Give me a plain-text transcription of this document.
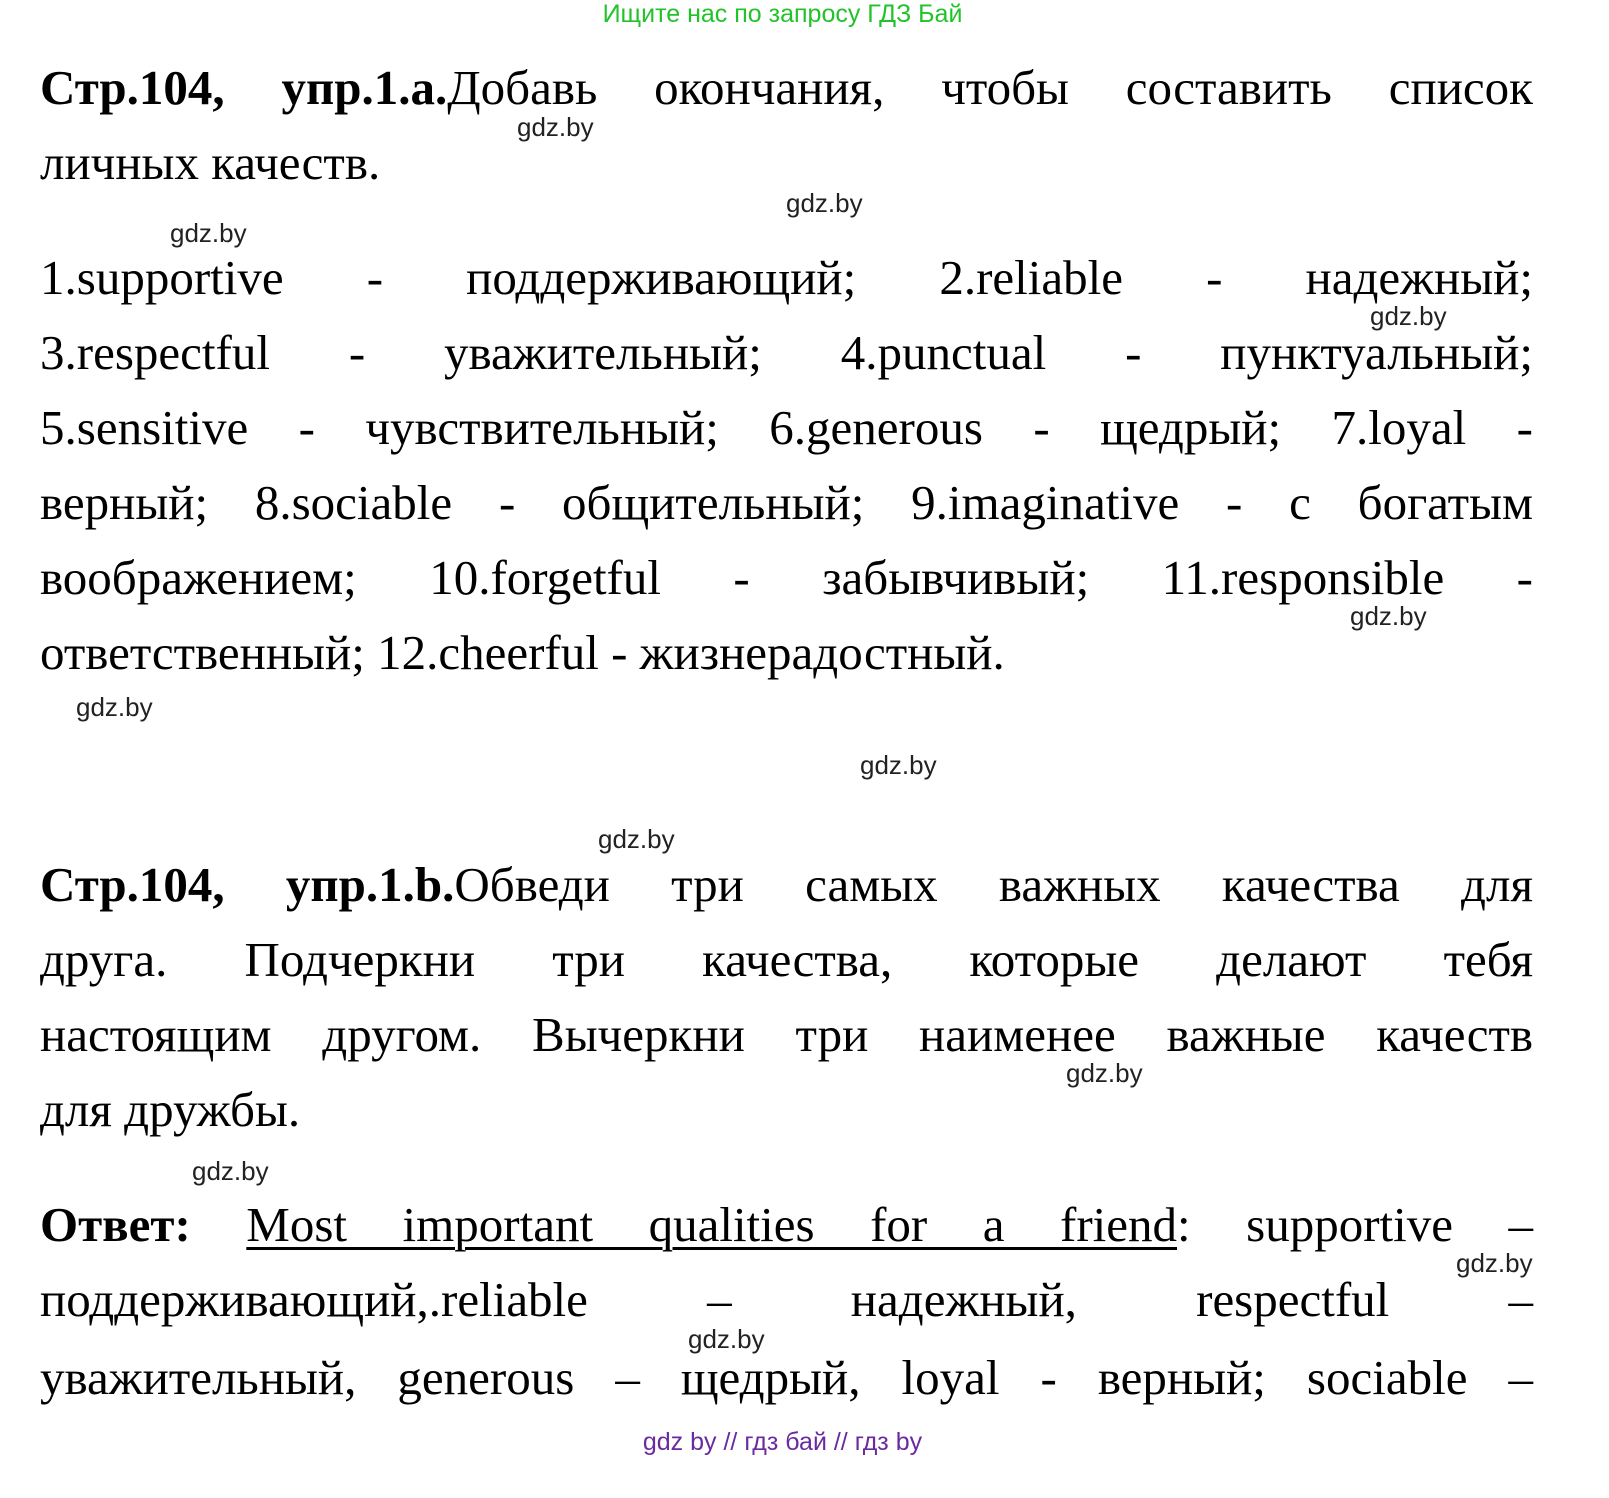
Ищите нас по запросу ГДЗ Бай
Стр.104, упр.1.a.Добавь окончания, чтобы составить список
личных качеств.
1.supportive - поддерживающий; 2.reliable - надежный;
3.respectful - уважительный; 4.punctual - пунктуальный;
5.sensitive - чувствительный; 6.generous - щедрый; 7.loyal -
верный; 8.sociable - общительный; 9.imaginative - с богатым
воображением; 10.forgetful - забывчивый; 11.responsible -
ответственный; 12.cheerful - жизнерадостный.
Стр.104, упр.1.b.Обведи три самых важных качества для
друга. Подчеркни три качества, которые делают тебя
настоящим другом. Вычеркни три наименее важные качеств
для дружбы.
Ответ: Most important qualities for a friend: supportive –
поддерживающий,.reliable – надежный, respectful –
уважительный, generous – щедрый, loyal - верный; sociable –
gdz.by
gdz.by
gdz.by
gdz.by
gdz.by
gdz.by
gdz.by
gdz.by
gdz.by
gdz.by
gdz.by
gdz.by
gdz by // гдз бай // гдз by
